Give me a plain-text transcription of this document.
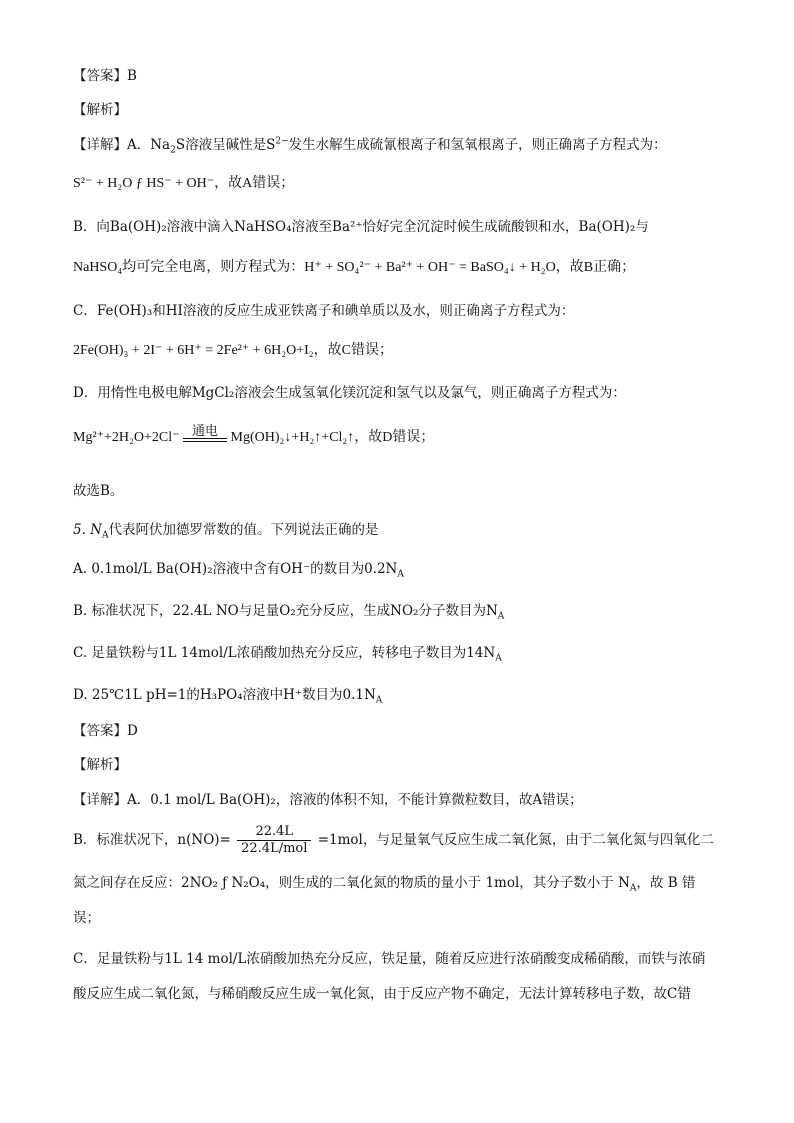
【答案】B
【解析】
【详解】A．$Na_2S$溶液呈碱性是$S^{2-}$发生水解生成硫氰根离子和氢氧根离子，则正确离子方程式为：
S²⁻ + H₂O ƒ HS⁻ + OH⁻，故A错误；
B．向Ba(OH)₂溶液中滴入NaHSO₄溶液至Ba²⁺恰好完全沉淀时候生成硫酸钡和水，Ba(OH)₂与
NaHSO₄均可完全电离，则方程式为：H⁺ + SO₄²⁻ + Ba²⁺ + OH⁻ = BaSO₄↓ + H₂O，故B正确；
C．Fe(OH)₃和HI溶液的反应生成亚铁离子和碘单质以及水，则正确离子方程式为：
2Fe(OH)₃ + 2I⁻ + 6H⁺ = 2Fe²⁺ + 6H₂O+I₂，故C错误；
D．用惰性电极电解MgCl₂溶液会生成氢氧化镁沉淀和氢气以及氯气，则正确离子方程式为：
Mg²⁺+2H₂O+2Cl⁻ 通电 Mg(OH)₂↓+H₂↑+Cl₂↑，故D错误；
故选B。
5. $N_A$代表阿伏加德罗常数的值。下列说法正确的是
A. 0.1mol/L Ba(OH)₂溶液中含有OH⁻的数目为$0.2N_A$
B. 标准状况下，22.4L NO与足量O₂充分反应，生成NO₂分子数目为$N_A$
C. 足量铁粉与1L 14mol/L浓硝酸加热充分反应，转移电子数目为$14N_A$
D. 25℃1L pH=1的H₃PO₄溶液中H⁺数目为$0.1N_A$
【答案】D
【解析】
【详解】A．0.1 mol/L Ba(OH)₂，溶液的体积不知，不能计算微粒数目，故A错误；
B．标准状况下，$n(NO)= \frac{22.4L}{\text{22.4L/mol}} =1mol$，与足量氧气反应生成二氧化氮，由于二氧化氮与四氧化二
氮之间存在反应：2NO₂ ƒ N₂O₄，则生成的二氧化氮的物质的量小于 1mol，其分子数小于 $N_A$，故 B 错
误；
C．足量铁粉与1L 14 mol/L浓硝酸加热充分反应，铁足量，随着反应进行浓硝酸变成稀硝酸，而铁与浓硝
酸反应生成二氧化氮，与稀硝酸反应生成一氧化氮，由于反应产物不确定，无法计算转移电子数，故C错
